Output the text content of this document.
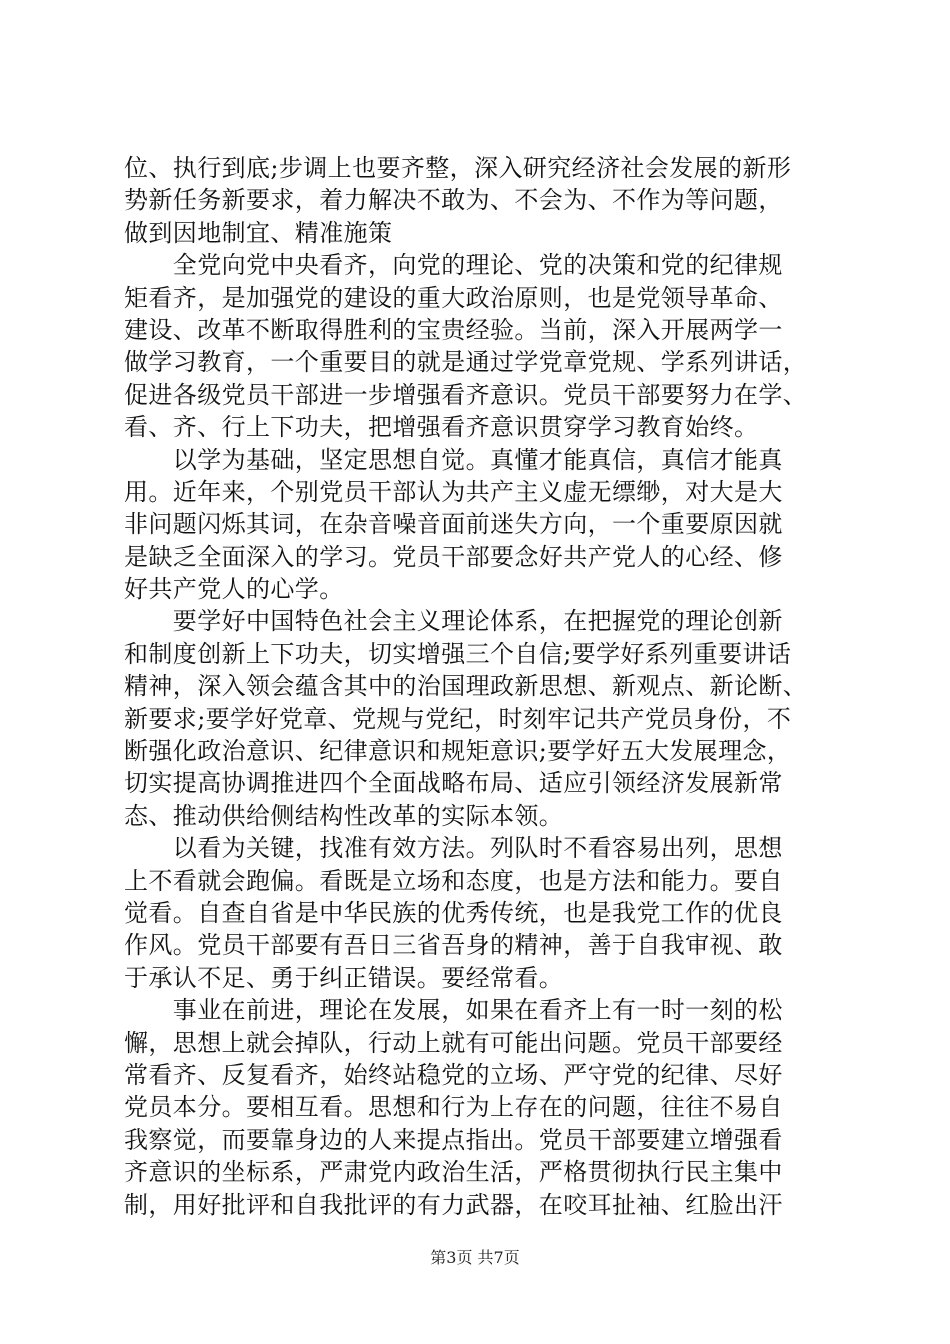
位、执行到底;步调上也要齐整，深入研究经济社会发展的新形
势新任务新要求，着力解决不敢为、不会为、不作为等问题，
做到因地制宜、精准施策
　　全党向党中央看齐，向党的理论、党的决策和党的纪律规
矩看齐，是加强党的建设的重大政治原则，也是党领导革命、
建设、改革不断取得胜利的宝贵经验。当前，深入开展两学一
做学习教育，一个重要目的就是通过学党章党规、学系列讲话，
促进各级党员干部进一步增强看齐意识。党员干部要努力在学、
看、齐、行上下功夫，把增强看齐意识贯穿学习教育始终。
　　以学为基础，坚定思想自觉。真懂才能真信，真信才能真
用。近年来，个别党员干部认为共产主义虚无缥缈，对大是大
非问题闪烁其词，在杂音噪音面前迷失方向，一个重要原因就
是缺乏全面深入的学习。党员干部要念好共产党人的心经、修
好共产党人的心学。
　　要学好中国特色社会主义理论体系，在把握党的理论创新
和制度创新上下功夫，切实增强三个自信;要学好系列重要讲话
精神，深入领会蕴含其中的治国理政新思想、新观点、新论断、
新要求;要学好党章、党规与党纪，时刻牢记共产党员身份，不
断强化政治意识、纪律意识和规矩意识;要学好五大发展理念，
切实提高协调推进四个全面战略布局、适应引领经济发展新常
态、推动供给侧结构性改革的实际本领。
　　以看为关键，找准有效方法。列队时不看容易出列，思想
上不看就会跑偏。看既是立场和态度，也是方法和能力。要自
觉看。自查自省是中华民族的优秀传统，也是我党工作的优良
作风。党员干部要有吾日三省吾身的精神，善于自我审视、敢
于承认不足、勇于纠正错误。要经常看。
　　事业在前进，理论在发展，如果在看齐上有一时一刻的松
懈，思想上就会掉队，行动上就有可能出问题。党员干部要经
常看齐、反复看齐，始终站稳党的立场、严守党的纪律、尽好
党员本分。要相互看。思想和行为上存在的问题，往往不易自
我察觉，而要靠身边的人来提点指出。党员干部要建立增强看
齐意识的坐标系，严肃党内政治生活，严格贯彻执行民主集中
制，用好批评和自我批评的有力武器，在咬耳扯袖、红脸出汗
第3页 共7页
